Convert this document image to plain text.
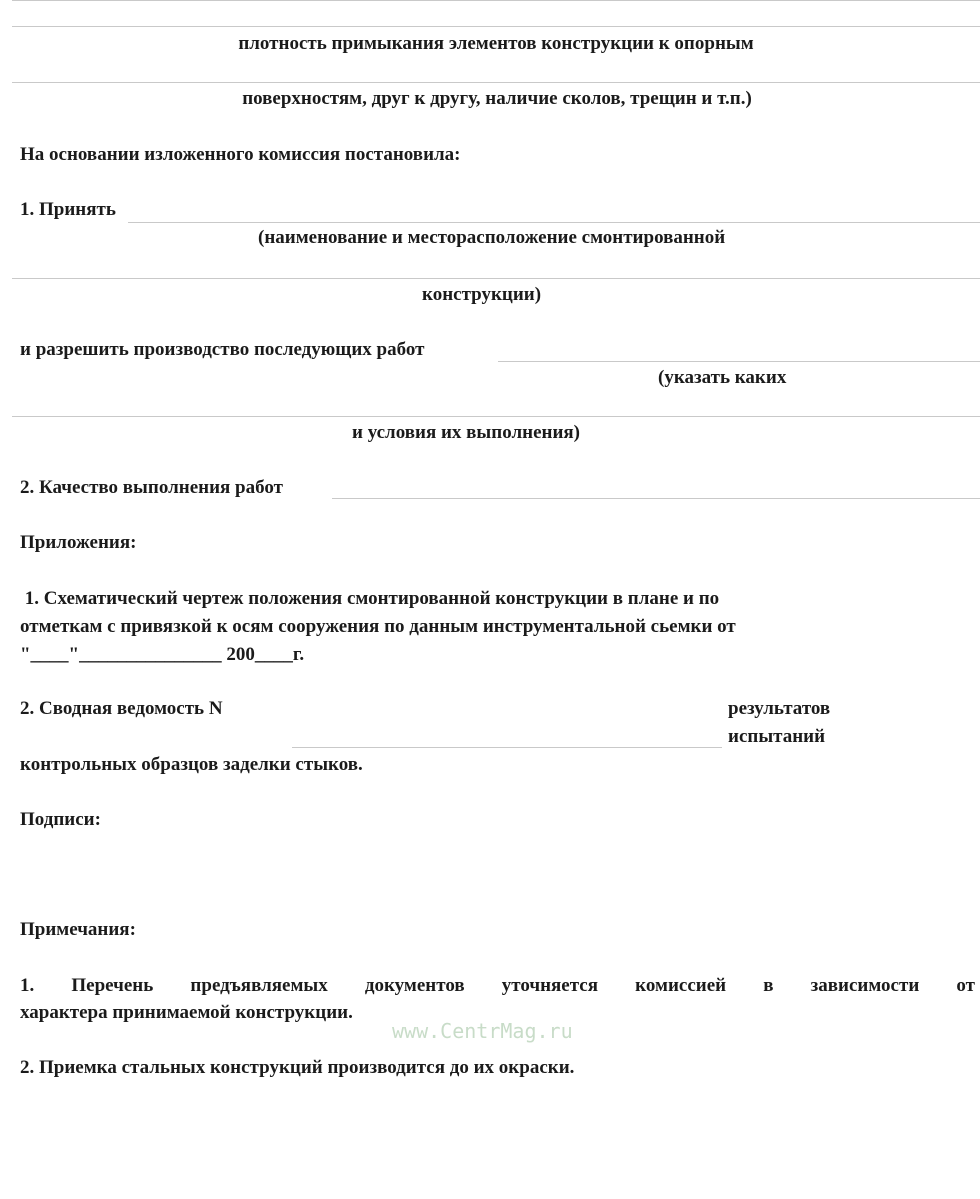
плотность примыкания элементов конструкции к опорным
поверхностям, друг к другу, наличие сколов, трещин и т.п.)
На основании изложенного комиссия постановила:
1. Принять
(наименование и месторасположение смонтированной
конструкции)
и разрешить производство последующих работ
(указать каких
и условия их выполнения)
2. Качество выполнения работ
Приложения:
1. Схематический чертеж положения смонтированной конструкции в плане и по
отметкам с привязкой к осям сооружения по данным инструментальной сьемки от
"____"_______________ 200____г.
2. Сводная ведомость N	результатов
испытаний
контрольных образцов заделки стыков.
Подписи:
Примечания:
1. Перечень предъявляемых документов уточняется комиссией в зависимости от
характера принимаемой конструкции.
www.CentrMag.ru
2. Приемка стальных конструкций производится до их окраски.
